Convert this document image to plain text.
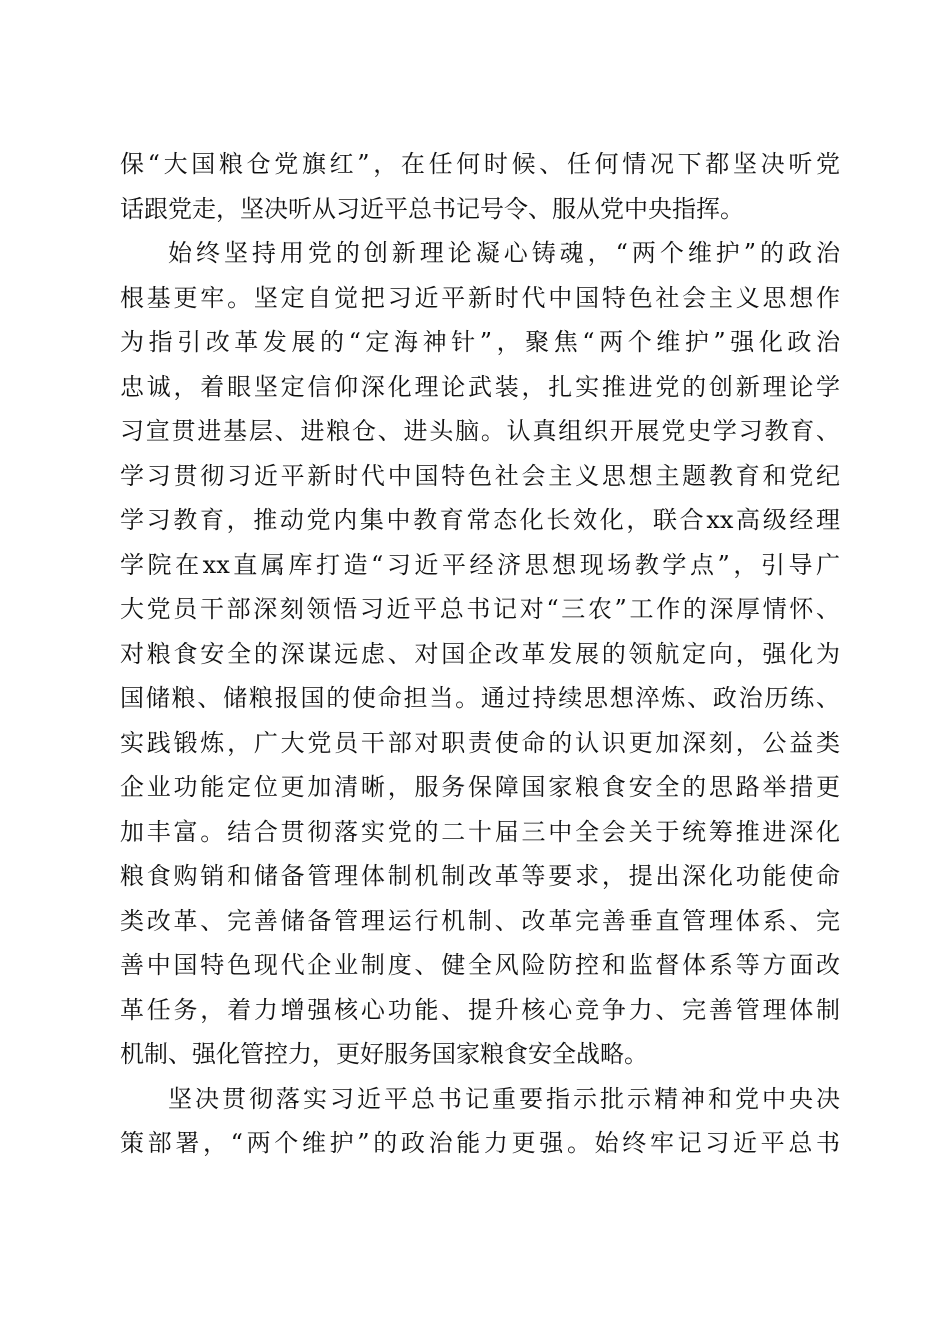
保“大国粮仓党旗红”，在任何时候、任何情况下都坚决听党
话跟党走，坚决听从习近平总书记号令、服从党中央指挥。
始终坚持用党的创新理论凝心铸魂，“两个维护”的政治
根基更牢。坚定自觉把习近平新时代中国特色社会主义思想作
为指引改革发展的“定海神针”，聚焦“两个维护”强化政治
忠诚，着眼坚定信仰深化理论武装，扎实推进党的创新理论学
习宣贯进基层、进粮仓、进头脑。认真组织开展党史学习教育、
学习贯彻习近平新时代中国特色社会主义思想主题教育和党纪
学习教育，推动党内集中教育常态化长效化，联合xx高级经理
学院在xx直属库打造“习近平经济思想现场教学点”，引导广
大党员干部深刻领悟习近平总书记对“三农”工作的深厚情怀、
对粮食安全的深谋远虑、对国企改革发展的领航定向，强化为
国储粮、储粮报国的使命担当。通过持续思想淬炼、政治历练、
实践锻炼，广大党员干部对职责使命的认识更加深刻，公益类
企业功能定位更加清晰，服务保障国家粮食安全的思路举措更
加丰富。结合贯彻落实党的二十届三中全会关于统筹推进深化
粮食购销和储备管理体制机制改革等要求，提出深化功能使命
类改革、完善储备管理运行机制、改革完善垂直管理体系、完
善中国特色现代企业制度、健全风险防控和监督体系等方面改
革任务，着力增强核心功能、提升核心竞争力、完善管理体制
机制、强化管控力，更好服务国家粮食安全战略。
坚决贯彻落实习近平总书记重要指示批示精神和党中央决
策部署，“两个维护”的政治能力更强。始终牢记习近平总书
